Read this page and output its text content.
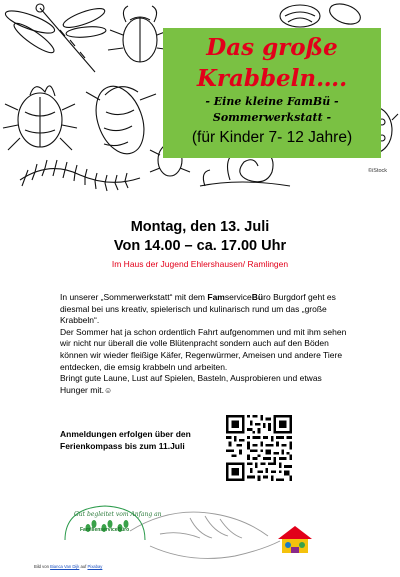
Das große
Krabbeln….
- Eine kleine FamBü -
Sommerwerkstatt -
(für Kinder 7- 12 Jahre)
©iStock
Montag, den 13. Juli
Von 14.00 – ca. 17.00 Uhr
Im Haus der Jugend Ehlershausen/ Ramlingen

In unserer „Sommerwerkstatt“ mit dem FamserviceBüro Burgdorf geht es diesmal bei uns kreativ, spielerisch und kulinarisch rund um das „große Krabbeln“.

Der Sommer hat ja schon ordentlich Fahrt aufgenommen und mit ihm sehen wir nicht nur überall die volle Blütenpracht sondern auch auf den Böden können wir wieder fleißige Käfer, Regenwürmer, Ameisen und andere Tiere entdecken, die emsig krabbeln und arbeiten.

Bringt gute Laune, Lust auf Spielen, Basteln, Ausprobieren und etwas Hunger mit.☺

Anmeldungen erfolgen über den Ferienkompass bis zum 11.Juli
Gut begleitet vom Anfang an
FamilienserviceBüro
Bild von Bianca Van Dijk auf Pixabay
